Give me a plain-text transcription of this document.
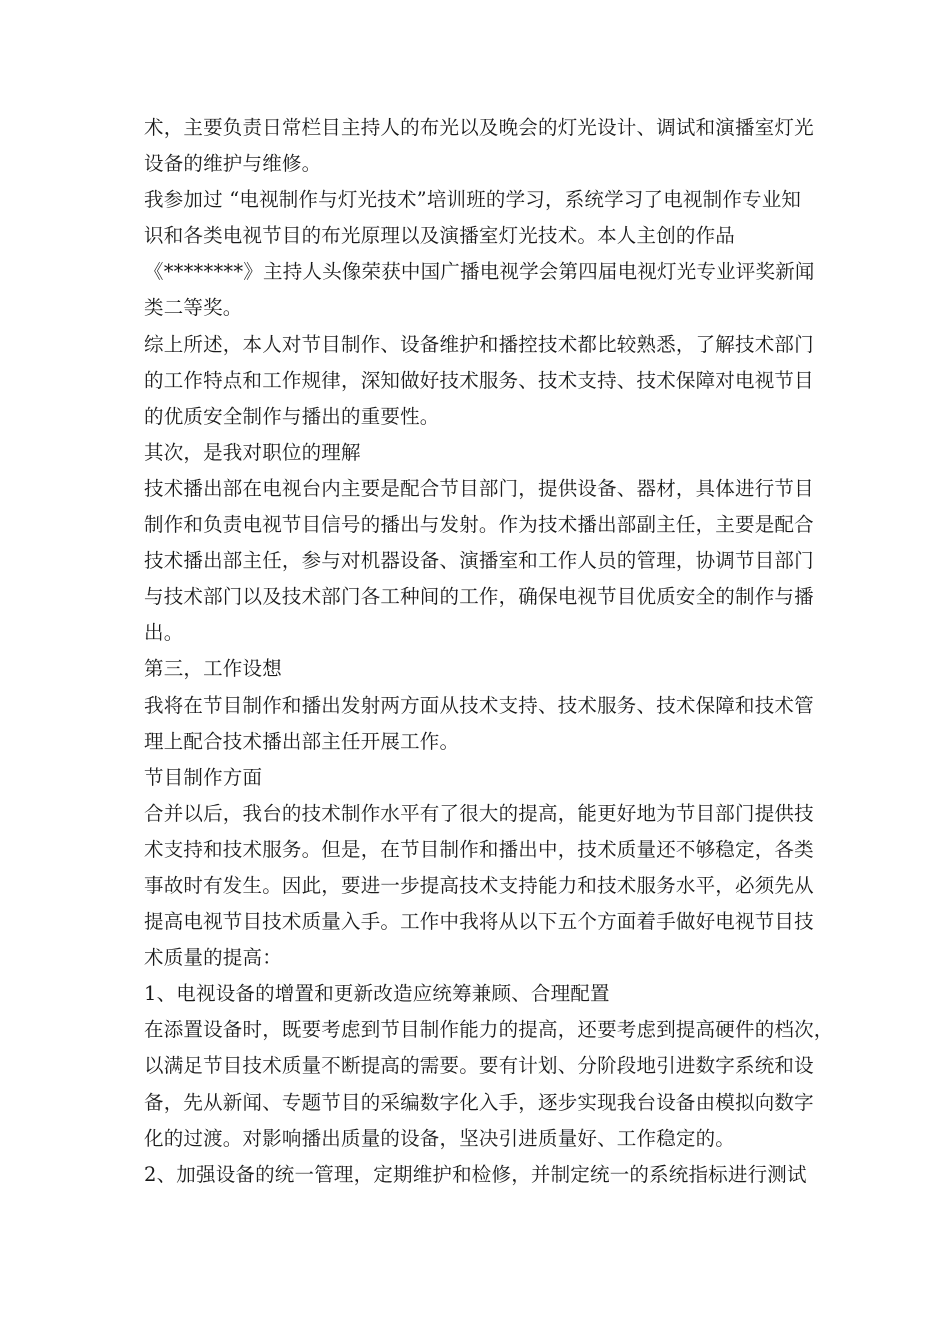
术，主要负责日常栏目主持人的布光以及晚会的灯光设计、调试和演播室灯光
设备的维护与维修。
我参加过 “电视制作与灯光技术”培训班的学习，系统学习了电视制作专业知
识和各类电视节目的布光原理以及演播室灯光技术。本人主创的作品
《********》主持人头像荣获中国广播电视学会第四届电视灯光专业评奖新闻
类二等奖。
综上所述，本人对节目制作、设备维护和播控技术都比较熟悉，了解技术部门
的工作特点和工作规律，深知做好技术服务、技术支持、技术保障对电视节目
的优质安全制作与播出的重要性。
其次，是我对职位的理解
技术播出部在电视台内主要是配合节目部门，提供设备、器材，具体进行节目
制作和负责电视节目信号的播出与发射。作为技术播出部副主任，主要是配合
技术播出部主任，参与对机器设备、演播室和工作人员的管理，协调节目部门
与技术部门以及技术部门各工种间的工作，确保电视节目优质安全的制作与播
出。
第三，工作设想
我将在节目制作和播出发射两方面从技术支持、技术服务、技术保障和技术管
理上配合技术播出部主任开展工作。
节目制作方面
合并以后，我台的技术制作水平有了很大的提高，能更好地为节目部门提供技
术支持和技术服务。但是，在节目制作和播出中，技术质量还不够稳定，各类
事故时有发生。因此，要进一步提高技术支持能力和技术服务水平，必须先从
提高电视节目技术质量入手。工作中我将从以下五个方面着手做好电视节目技
术质量的提高：
1、电视设备的增置和更新改造应统筹兼顾、合理配置
在添置设备时，既要考虑到节目制作能力的提高，还要考虑到提高硬件的档次，
以满足节目技术质量不断提高的需要。要有计划、分阶段地引进数字系统和设
备，先从新闻、专题节目的采编数字化入手，逐步实现我台设备由模拟向数字
化的过渡。对影响播出质量的设备，坚决引进质量好、工作稳定的。
2、加强设备的统一管理，定期维护和检修，并制定统一的系统指标进行测试
